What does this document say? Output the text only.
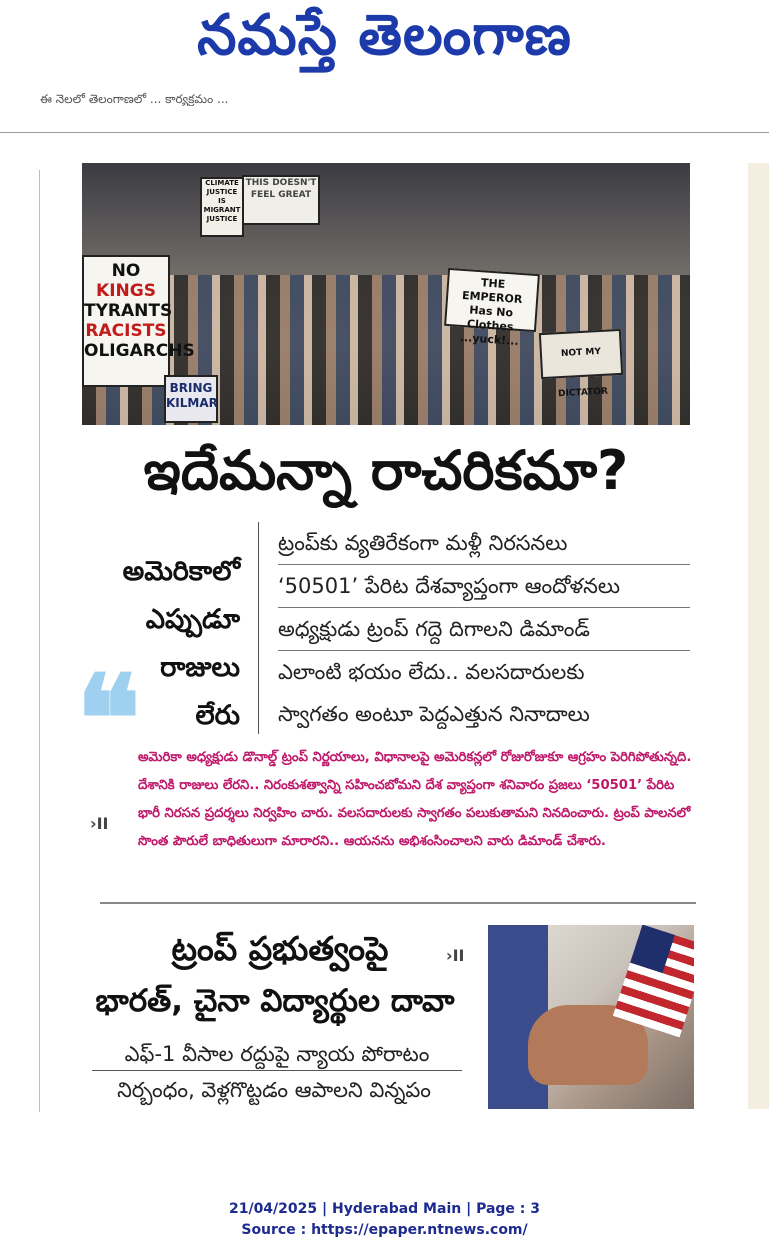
నమస్తే తెలంగాణ
ఈ నెలలో తెలంగాణలో ... కార్యక్రమం ...
CLIMATE
JUSTICE
IS
MIGRANT
JUSTICE
THIS DOESN'T
FEEL GREAT
NO
KINGS
TYRANTS
RACISTS
OLIGARCHS
THE EMPEROR
Has No Clothes
...yuck!...
NOT MY DICTATOR
BRING
KILMAR
ఇదేమన్నా రాచరికమా?
అమెరికాలో
ఎప్పుడూ
రాజులు
లేరు
❝
ట్రంప్‌కు వ్యతిరేకంగా మళ్లీ నిరసనలు
‘50501’ పేరిట దేశవ్యాప్తంగా ఆందోళనలు
అధ్యక్షుడు ట్రంప్ గద్దె దిగాలని డిమాండ్
ఎలాంటి భయం లేదు.. వలసదారులకు
స్వాగతం అంటూ పెద్దఎత్తున నినాదాలు
›II
అమెరికా అధ్యక్షుడు డొనాల్డ్ ట్రంప్ నిర్ణయాలు, విధానాలపై అమెరికన్లలో రోజురోజుకూ ఆగ్రహం పెరిగిపోతున్నది. దేశానికి రాజులు లేరని.. నిరంకుశత్వాన్ని సహించబోమని దేశ వ్యాప్తంగా శనివారం ప్రజలు ‘50501’ పేరిట భారీ నిరసన ప్రదర్శలు నిర్వహిం చారు. వలసదారులకు స్వాగతం పలుకుతామని నినదించారు. ట్రంప్ పాలనలో సొంత పౌరులే బాధితులుగా మారారని.. ఆయనను అభిశంసించాలని వారు డిమాండ్ చేశారు.
ట్రంప్ ప్రభుత్వంపై
భారత్, చైనా విద్యార్థుల దావా
ఎఫ్-1 వీసాల రద్దుపై న్యాయ పోరాటం
నిర్బంధం, వెళ్లగొట్టడం ఆపాలని విన్నపం
›II
21/04/2025 | Hyderabad Main | Page : 3
Source : https://epaper.ntnews.com/
